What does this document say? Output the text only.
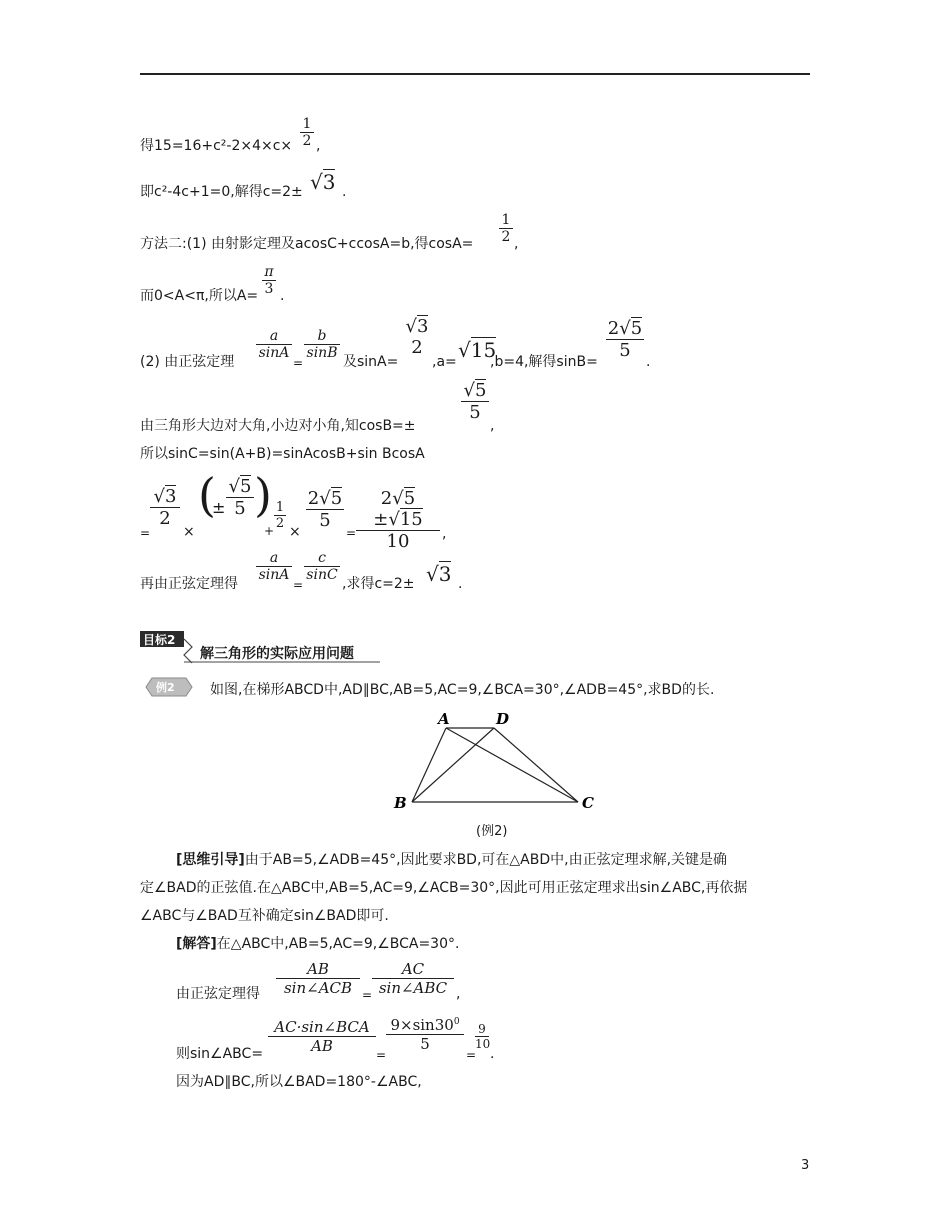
得15=16+c²-2×4×c×
1
2 ,
即c²-4c+1=0,解得c=2± √3 .
方法二:(1) 由射影定理及acosC+ccosA=b,得cosA=
1
2 ,
而0<A<π,所以A=
π
3 .
(2) 由正弦定理
a
sinA
=
b
sinB
及sinA=
√3
2
,a= √15
,b=4,解得sinB=
2√5
5
.
由三角形大边对大角,小边对小角,知cosB=±
√5
5
,
所以sinC=sin(A+B)=sinAcosB+sin BcosA
=
√3
2
×
(
±
√5
5 )
+
1
2
×
2√5
5
=
2√5 ±√15
10	,
再由正弦定理得
a
sinA
=
c
sinC
,求得c=2± √3 .
目标2
解三角形的实际应用问题
例2	如图,在梯形ABCD中,AD∥BC,AB=5,AC=9,∠BCA=30°,∠ADB=45°,求BD的长.
A	D
B	C
(例2)
[思维引导]由于AB=5,∠ADB=45°,因此要求BD,可在△ABD中,由正弦定理求解,关键是确
定∠BAD的正弦值.在△ABC中,AB=5,AC=9,∠ACB=30°,因此可用正弦定理求出sin∠ABC,再依据
∠ABC与∠BAD互补确定sin∠BAD即可.
[解答]在△ABC中,AB=5,AC=9,∠BCA=30°.
由正弦定理得
AB
sin∠ACB =
AC
sin∠ABC ,
则sin∠ABC=
AC·sin∠BCA
AB	=
$9\times\sin 30^0$
5
=
9
10
.
因为AD∥BC,所以∠BAD=180°-∠ABC,
3
